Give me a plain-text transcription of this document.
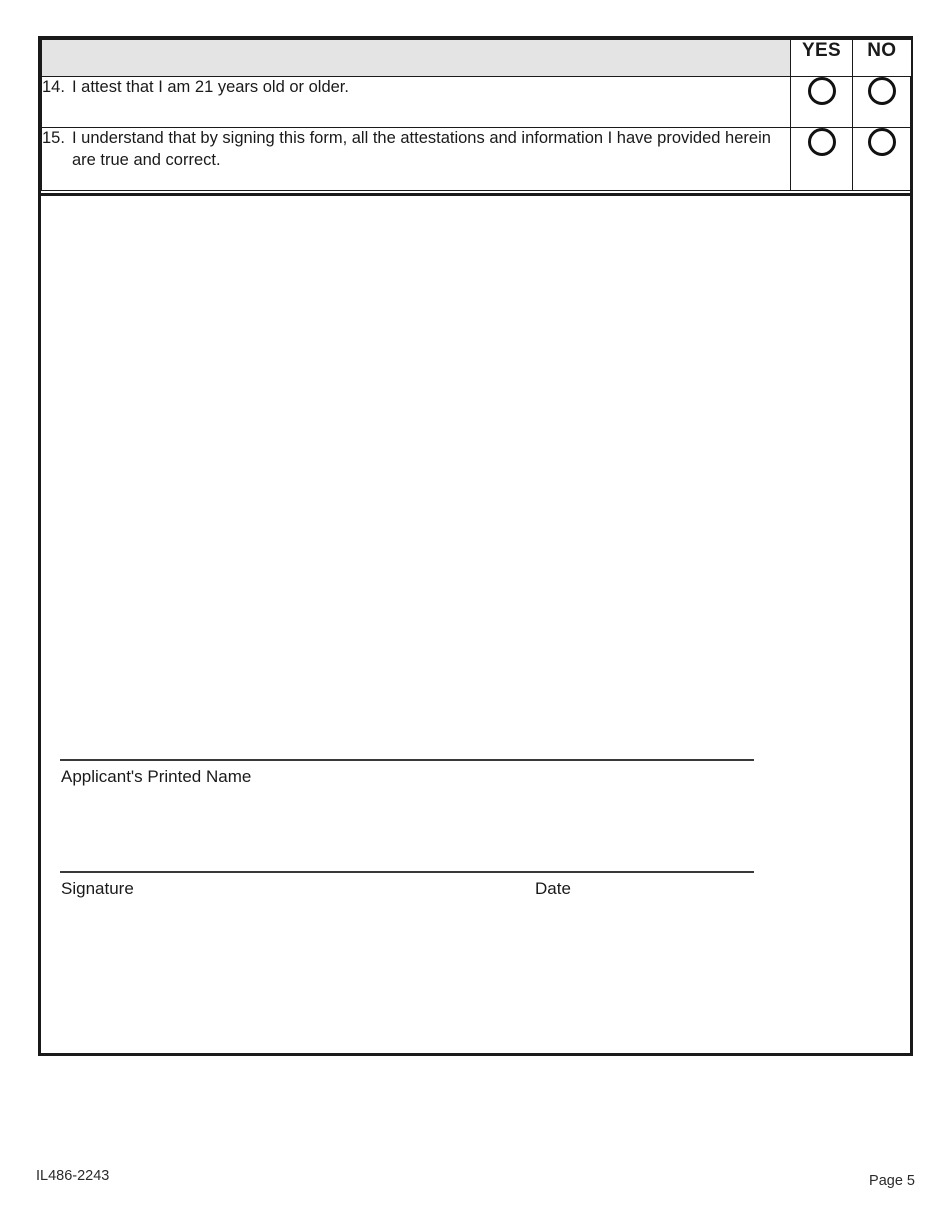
	YES	NO

14. I attest that I am 21 years old or older.		

15. I understand that by signing this form, all the attestations and information I have provided herein are true and correct.		

Applicant's Printed Name
Signature	Date
IL486-2243	Page 5
